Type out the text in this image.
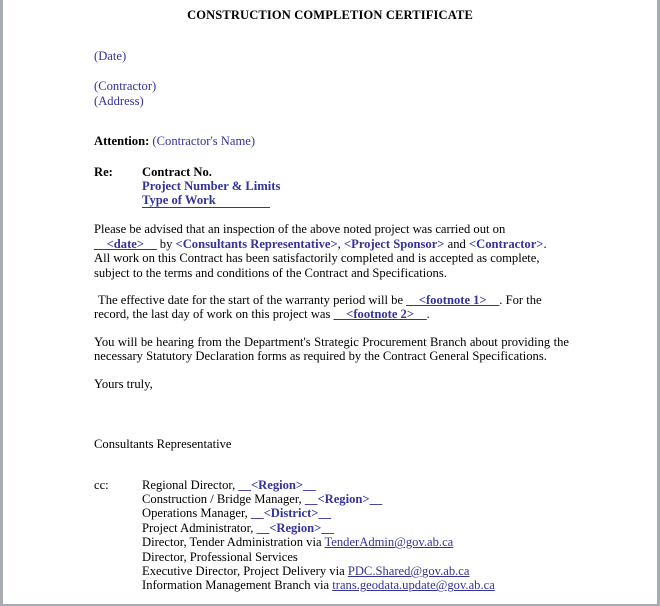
CONSTRUCTION COMPLETION CERTIFICATE
(Date)
(Contractor)
(Address)
Attention: (Contractor's Name)
Re:	Contract No.
Project Number & Limits
Type of Work

Please be advised that an inspection of the above noted project was carried out on
__<date>__ by <Consultants Representative>, <Project Sponsor> and <Contractor>.
All work on this Contract has been satisfactorily completed and is accepted as complete,
subject to the terms and conditions of the Contract and Specifications.

The effective date for the start of the warranty period will be __<footnote 1>__. For the record, the last day of work on this project was __<footnote 2>__.

You will be hearing from the Department's Strategic Procurement Branch about providing the necessary Statutory Declaration forms as required by the Contract General Specifications.

Yours truly,

Consultants Representative
cc:	Regional Director, __<Region>__
Construction / Bridge Manager, __<Region>__
Operations Manager, __<District>__
Project Administrator, __<Region>__
Director, Tender Administration via TenderAdmin@gov.ab.ca
Director, Professional Services
Executive Director, Project Delivery via PDC.Shared@gov.ab.ca
Information Management Branch via trans.geodata.update@gov.ab.ca
